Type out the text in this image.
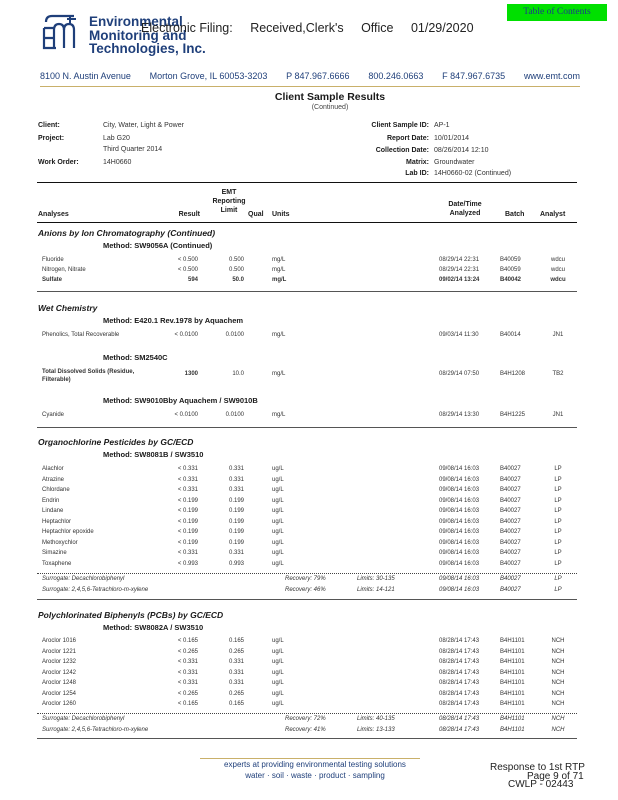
Environmental
Monitoring and
Technologies, Inc.
Electronic Filing: Received,Clerk's Office 01/29/2020
Table of Contents
8100 N. Austin Avenue Morton Grove, IL 60053-3203 P 847.967.6666 800.246.0663 F 847.967.6735 www.emt.com
Client Sample Results
(Continued)
Client:	City, Water, Light & Power
Project:	Lab G20
Third Quarter 2014
Work Order:	14H0660
Client Sample ID: AP-1
Report Date: 10/01/2014
Collection Date: 08/26/2014 12:10
Matrix: Groundwater
Lab ID: 14H0660-02 (Continued)
Analyses	Result
EMT
Reporting
Limit
Qual Units
Date/Time
Analyzed	Batch Analyst
Anions by Ion Chromatography (Continued)
Method: SW9056A (Continued)
Fluoride	< 0.500	0.500	mg/L	08/29/14 22:31	B40059	wdcu
Nitrogen, Nitrate	< 0.500	0.500	mg/L	08/29/14 22:31	B40059	wdcu
Sulfate	594	50.0	mg/L	09/02/14 13:24	B40042	wdcu
Wet Chemistry
Method: E420.1 Rev.1978 by Aquachem
Phenolics, Total Recoverable	< 0.0100	0.0100	mg/L	09/03/14 11:30	B40014	JN1
Method: SM2540C
Total Dissolved Solids (Residue,
Filterable)
1300	10.0	mg/L	08/29/14 07:50	B4H1208	TB2
Method: SW9010Bby Aquachem / SW9010B
Cyanide	< 0.0100	0.0100	mg/L	08/29/14 13:30	B4H1225	JN1
Organochlorine Pesticides by GC/ECD
Method: SW8081B / SW3510
Alachlor	< 0.331	0.331	ug/L	09/08/14 16:03	B40027	LP
Atrazine	< 0.331	0.331	ug/L	09/08/14 16:03	B40027	LP
Chlordane	< 0.331	0.331	ug/L	09/08/14 16:03	B40027	LP
Endrin	< 0.199	0.199	ug/L	09/08/14 16:03	B40027	LP
Lindane	< 0.199	0.199	ug/L	09/08/14 16:03	B40027	LP
Heptachlor	< 0.199	0.199	ug/L	09/08/14 16:03	B40027	LP
Heptachlor epoxide	< 0.199	0.199	ug/L	09/08/14 16:03	B40027	LP
Methoxychlor	< 0.199	0.199	ug/L	09/08/14 16:03	B40027	LP
Simazine	< 0.331	0.331	ug/L	09/08/14 16:03	B40027	LP
Toxaphene	< 0.993	0.993	ug/L	09/08/14 16:03	B40027	LP
Surrogate: Decachlorobiphenyl	Recovery: 79%	Limits: 30-135	09/08/14 16:03	B40027	LP
Surrogate: 2,4,5,6-Tetrachloro-m-xylene	Recovery: 46%	Limits: 14-121	09/08/14 16:03	B40027	LP
Polychlorinated Biphenyls (PCBs) by GC/ECD
Method: SW8082A / SW3510
Aroclor 1016	< 0.165	0.165	ug/L	08/28/14 17:43	B4H1101	NCH
Aroclor 1221	< 0.265	0.265	ug/L	08/28/14 17:43	B4H1101	NCH
Aroclor 1232	< 0.331	0.331	ug/L	08/28/14 17:43	B4H1101	NCH
Aroclor 1242	< 0.331	0.331	ug/L	08/28/14 17:43	B4H1101	NCH
Aroclor 1248	< 0.331	0.331	ug/L	08/28/14 17:43	B4H1101	NCH
Aroclor 1254	< 0.265	0.265	ug/L	08/28/14 17:43	B4H1101	NCH
Aroclor 1260	< 0.165	0.165	ug/L	08/28/14 17:43	B4H1101	NCH
Surrogate: Decachlorobiphenyl	Recovery: 72%	Limits: 40-135	08/28/14 17:43	B4H1101	NCH
Surrogate: 2,4,5,6-Tetrachloro-m-xylene	Recovery: 41%	Limits: 13-133	08/28/14 17:43	B4H1101	NCH
experts at providing environmental testing solutions
water · soil · waste · product · sampling
Response to 1st RTP
Page 9 of 71
CWLP - 02443
